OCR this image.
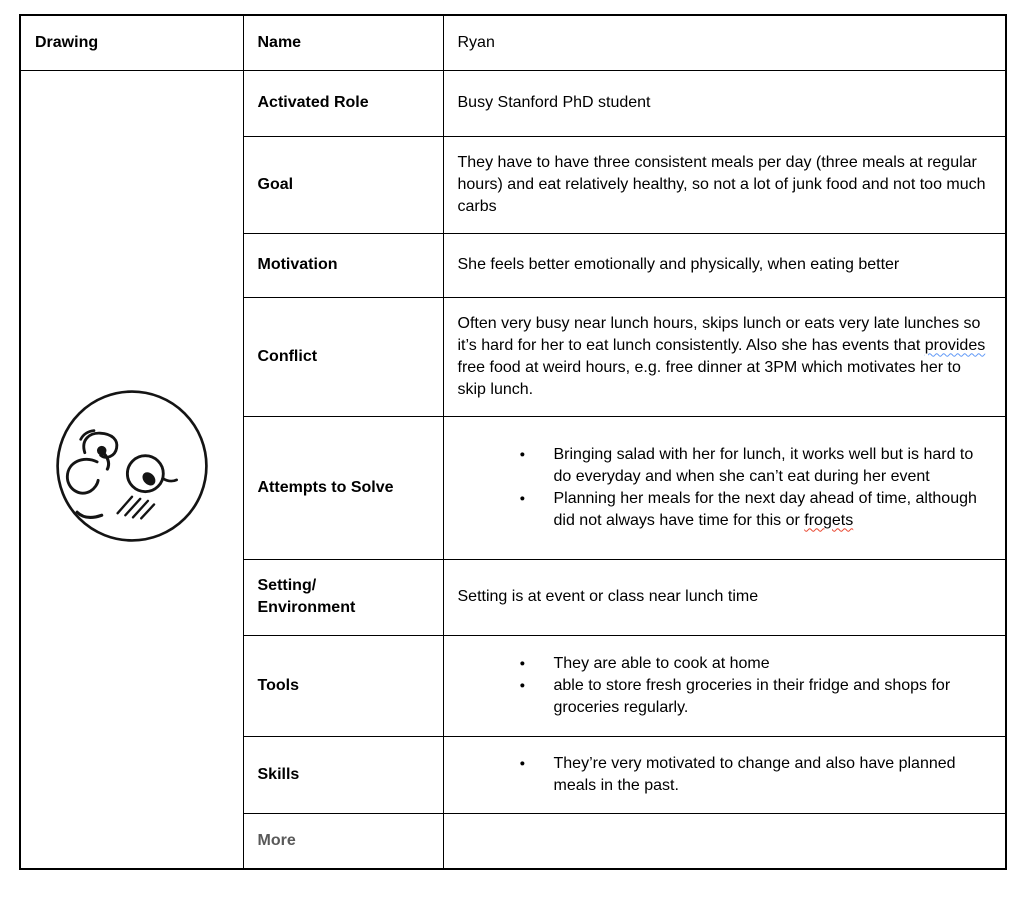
Drawing	Name	Ryan
	Activated Role	Busy Stanford PhD student
	Goal	They have to have three consistent meals per day (three meals at regular hours) and eat relatively healthy, so not a lot of junk food and not too much carbs
	Motivation	She feels better emotionally and physically, when eating better
	Conflict	Often very busy near lunch hours, skips lunch or eats very late lunches so it’s hard for her to eat lunch consistently. Also she has events that provides free food at weird hours, e.g. free dinner at 3PM which motivates her to skip lunch.
	Attempts to Solve	● Bringing salad with her for lunch, it works well but is hard to do everyday and when she can’t eat during her event
● Planning her meals for the next day ahead of time, although did not always have time for this or frogets

	Setting/
Environment	Setting is at event or class near lunch time
	Tools	● They are able to cook at home
● able to store fresh groceries in their fridge and shops for groceries regularly.

	Skills	● They’re very motivated to change and also have planned meals in the past.

	More	
